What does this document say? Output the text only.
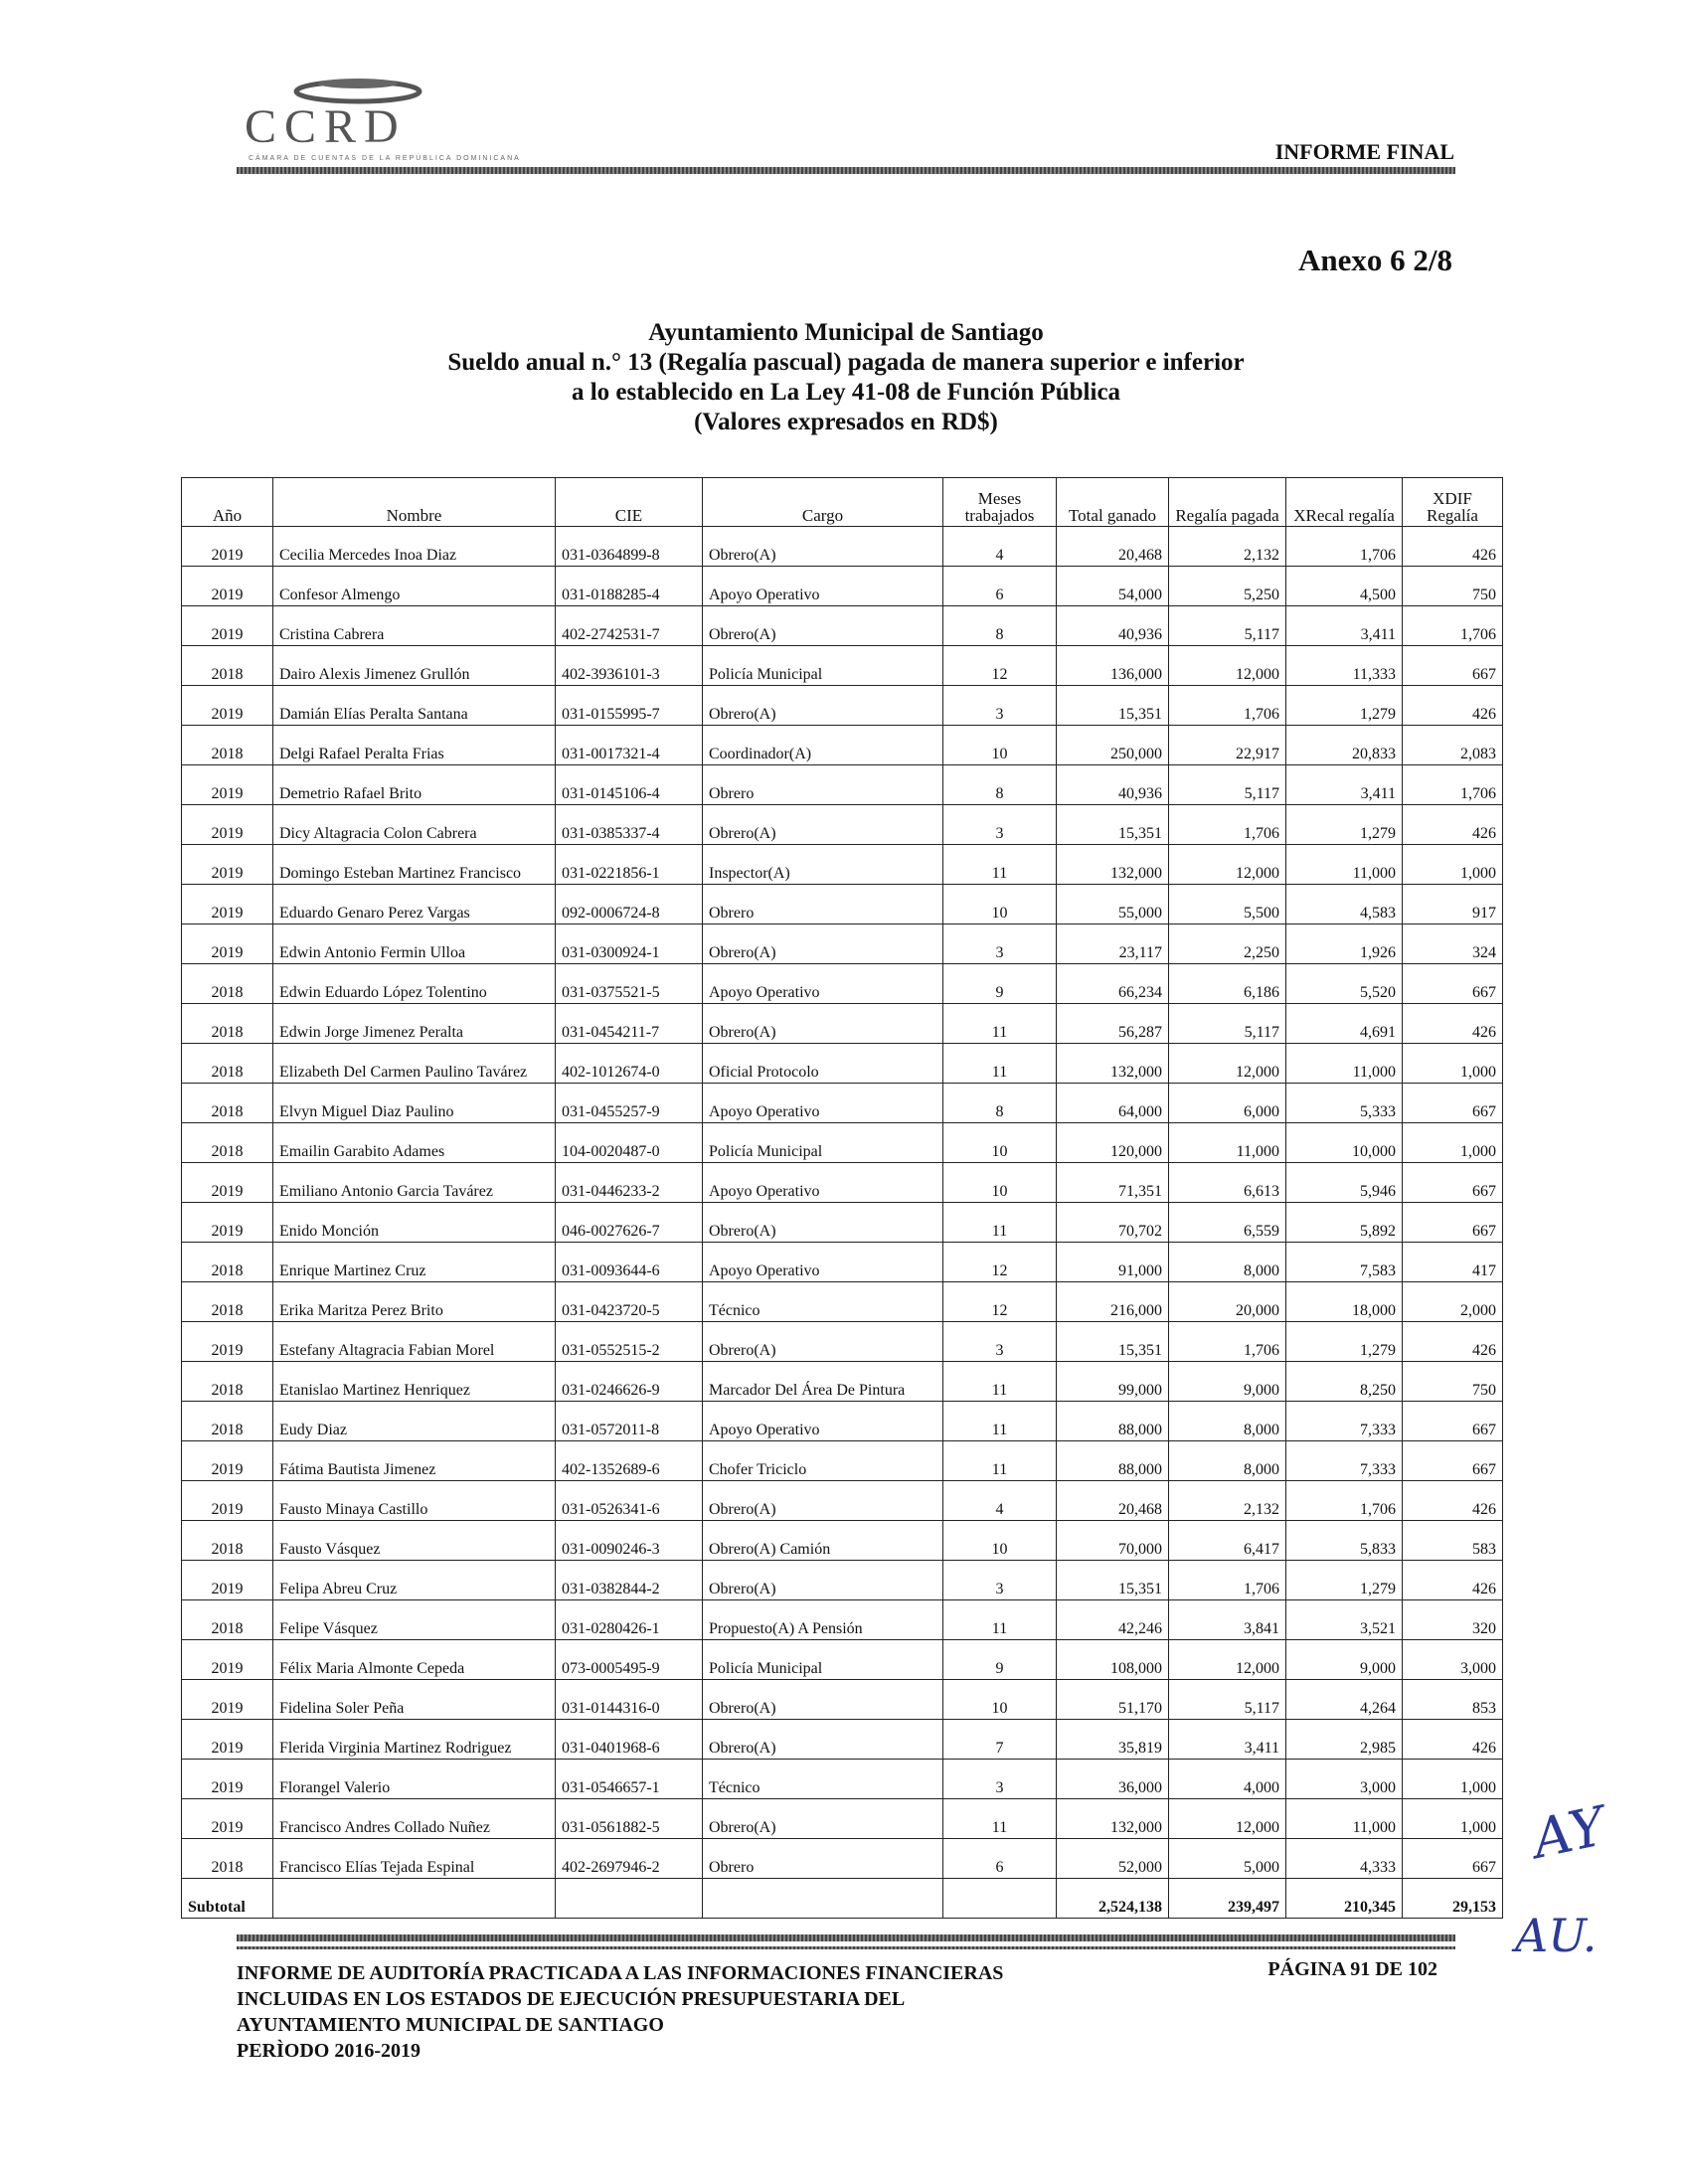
CCRD
CÁMARA DE CUENTAS DE LA REPÚBLICA DOMINICANA	INFORME FINAL
Anexo 6 2/8
Ayuntamiento Municipal de Santiago
Sueldo anual n.° 13 (Regalía pascual) pagada de manera superior e inferior
a lo establecido en La Ley 41-08 de Función Pública
(Valores expresados en RD$)
Año	Nombre	CIE	Cargo	Meses trabajados	Total ganado	Regalía pagada	XRecal regalía	XDIF Regalía
2019	Cecilia Mercedes Inoa Diaz	031-0364899-8	Obrero(A)	4	20,468	2,132	1,706	426
2019	Confesor Almengo	031-0188285-4	Apoyo Operativo	6	54,000	5,250	4,500	750
2019	Cristina Cabrera	402-2742531-7	Obrero(A)	8	40,936	5,117	3,411	1,706
2018	Dairo Alexis Jimenez Grullón	402-3936101-3	Policía Municipal	12	136,000	12,000	11,333	667
2019	Damián Elías Peralta Santana	031-0155995-7	Obrero(A)	3	15,351	1,706	1,279	426
2018	Delgi Rafael Peralta Frias	031-0017321-4	Coordinador(A)	10	250,000	22,917	20,833	2,083
2019	Demetrio Rafael Brito	031-0145106-4	Obrero	8	40,936	5,117	3,411	1,706
2019	Dicy Altagracia Colon Cabrera	031-0385337-4	Obrero(A)	3	15,351	1,706	1,279	426
2019	Domingo Esteban Martinez Francisco	031-0221856-1	Inspector(A)	11	132,000	12,000	11,000	1,000
2019	Eduardo Genaro Perez Vargas	092-0006724-8	Obrero	10	55,000	5,500	4,583	917
2019	Edwin Antonio Fermin Ulloa	031-0300924-1	Obrero(A)	3	23,117	2,250	1,926	324
2018	Edwin Eduardo López Tolentino	031-0375521-5	Apoyo Operativo	9	66,234	6,186	5,520	667
2018	Edwin Jorge Jimenez Peralta	031-0454211-7	Obrero(A)	11	56,287	5,117	4,691	426
2018	Elizabeth Del Carmen Paulino Tavárez	402-1012674-0	Oficial Protocolo	11	132,000	12,000	11,000	1,000
2018	Elvyn Miguel Diaz Paulino	031-0455257-9	Apoyo Operativo	8	64,000	6,000	5,333	667
2018	Emailin Garabito Adames	104-0020487-0	Policía Municipal	10	120,000	11,000	10,000	1,000
2019	Emiliano Antonio Garcia Tavárez	031-0446233-2	Apoyo Operativo	10	71,351	6,613	5,946	667
2019	Enido Monción	046-0027626-7	Obrero(A)	11	70,702	6,559	5,892	667
2018	Enrique Martinez Cruz	031-0093644-6	Apoyo Operativo	12	91,000	8,000	7,583	417
2018	Erika Maritza Perez Brito	031-0423720-5	Técnico	12	216,000	20,000	18,000	2,000
2019	Estefany Altagracia Fabian Morel	031-0552515-2	Obrero(A)	3	15,351	1,706	1,279	426
2018	Etanislao Martinez Henriquez	031-0246626-9	Marcador Del Área De Pintura	11	99,000	9,000	8,250	750
2018	Eudy Diaz	031-0572011-8	Apoyo Operativo	11	88,000	8,000	7,333	667
2019	Fátima Bautista Jimenez	402-1352689-6	Chofer Triciclo	11	88,000	8,000	7,333	667
2019	Fausto Minaya Castillo	031-0526341-6	Obrero(A)	4	20,468	2,132	1,706	426
2018	Fausto Vásquez	031-0090246-3	Obrero(A) Camión	10	70,000	6,417	5,833	583
2019	Felipa Abreu Cruz	031-0382844-2	Obrero(A)	3	15,351	1,706	1,279	426
2018	Felipe Vásquez	031-0280426-1	Propuesto(A) A Pensión	11	42,246	3,841	3,521	320
2019	Félix Maria Almonte Cepeda	073-0005495-9	Policía Municipal	9	108,000	12,000	9,000	3,000
2019	Fidelina Soler Peña	031-0144316-0	Obrero(A)	10	51,170	5,117	4,264	853
2019	Flerida Virginia Martinez Rodriguez	031-0401968-6	Obrero(A)	7	35,819	3,411	2,985	426
2019	Florangel Valerio	031-0546657-1	Técnico	3	36,000	4,000	3,000	1,000
2019	Francisco Andres Collado Nuñez	031-0561882-5	Obrero(A)	11	132,000	12,000	11,000	1,000
2018	Francisco Elías Tejada Espinal	402-2697946-2	Obrero	6	52,000	5,000	4,333	667
Subtotal					2,524,138	239,497	210,345	29,153
INFORME DE AUDITORÍA PRACTICADA A LAS INFORMACIONES FINANCIERAS
INCLUIDAS EN LOS ESTADOS DE EJECUCIÓN PRESUPUESTARIA DEL
AYUNTAMIENTO MUNICIPAL DE SANTIAGO
PERÌODO 2016-2019
PÁGINA 91 DE 102
AY
AU.
